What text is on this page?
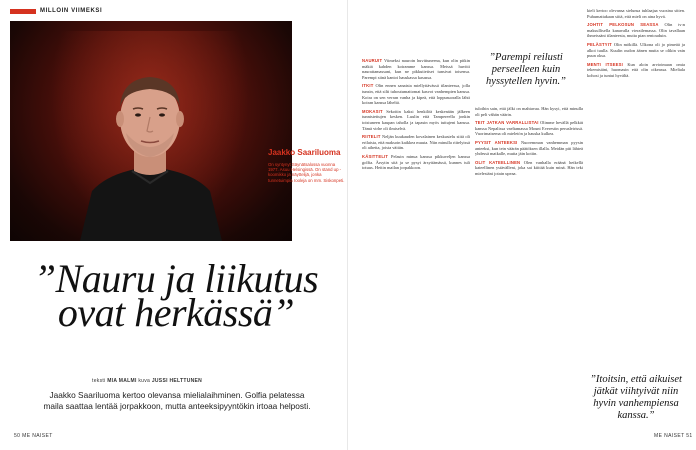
MILLOIN VIIMEKSI
Jaakko Saariluoma
On syntynyt Säynätsalossa vuonna 1977. Asuu Helsingissä. On stand up -koomikko ja näyttelijä, jonka tunnetuimpia rooleja on mm. Siskonpeti.
”Nauru ja liikutus ovat herkässä”
teksti MIA MALMI kuva JUSSI HELTTUNEN
Jaakko Saariluoma kertoo olevansa mielialaihminen. Golfia pelatessa maila saattaa lentää jorpakkoon, mutta anteeksipyyntökin irtoaa helposti.
50 ME NAISET

NAURUIT Viimeksi nauroin huvittuneena, kun olin pitkin mäkiä kahden koiramme kanssa. Meissä huvitti naurattamassani, kun ne pikkutietiset tunsivat toisensa. Parempi siinä kantoi hauskassa kasassa.

ITKIT Olin ennen sanaista miellyttävässä tilanteessa, jolla tunsin, että silti tuhoutumattomat kasvot vanhempien kanssa. Koira on sen verran vanha ja kipeä, että loppusuoralla lähti koiran kanssa läheltä.

MOKASIT Sekoitin kaksi henkilöä keskenään jälkeen tunnistettujen kesken. Luulin että Tampereella jonkin toistuneen kaupan taholla ja tapasin myös tuttujeni kanssa. Tämä virhe oli ilmiselvä.

RIITELIT Neljän kuukauden kovalainen keskustelu siitä oli erilaista, että maksoin kaikkea muuta. Niin minulla riitelyissä oli aihetta, joista väitän.

KÄSITTELIT Pelasin minua kanssa pikkuveljen kanssa golfia. Ärsytin sitä ja se pysyi ärsyttämässä, kunnes tuli totuus. Heitin mailan jorpakkoon.

tuloihin sain, että jälki on mahtavaa. Hän kysyi, että minulla oli peli vähän väärin.

TEIT JATKAN VARRALLISTAI Olimme hevällä pelkkät kanssa Nepalissa vaeltamassa Mount Everestin perusleirissä. Vuorimaisema oli mieletön ja hauska kulkea.

PYYSIT ANTEEKSI Nuoremman vanhemman pyysin anteeksi, kun tein väärän päätöksen illalla. Meidän piti lähteä yhdessä matkalle, mutta jäin kotiin.

OLIT KATEELLINEN Olen vanhalla eräänä hetkellä kateellinen ystävälleni, joka sai kiittää kuin minä. Hän teki mielestäni jotain upeaa.

kieli kertoo olevansa sielunsa tuhlaajaa vuosina sitten. Puhumattakaan siitä, että mieli on aina hyvä.

JOHTIT PELKOSUN SEASSA Olin tv:n maksullisella kanavalla vierailemassa. Olin tavallaan ihmeissäni tilanteesta, mutta pian rentouduin.

PELÄSTYIT Olin mökillä. Ulkona oli jo pimeää ja alkoi tuulla. Kuulin oudon äänen mutta se olikin vain puun oksa.

MENTI ITSEESI Kun aloin arvioimaan omia tekemisiäni, huomasin että olin oikeassa. Mieliala kohosi ja tuntui hyvältä.

”Parempi reilusti perseelleen kuin hyssytellen hyvin.”
”Itoitsin, että aikuiset jätkät viihtyivät niin hyvin vanhempiensa kanssa.”
ME NAISET 51
